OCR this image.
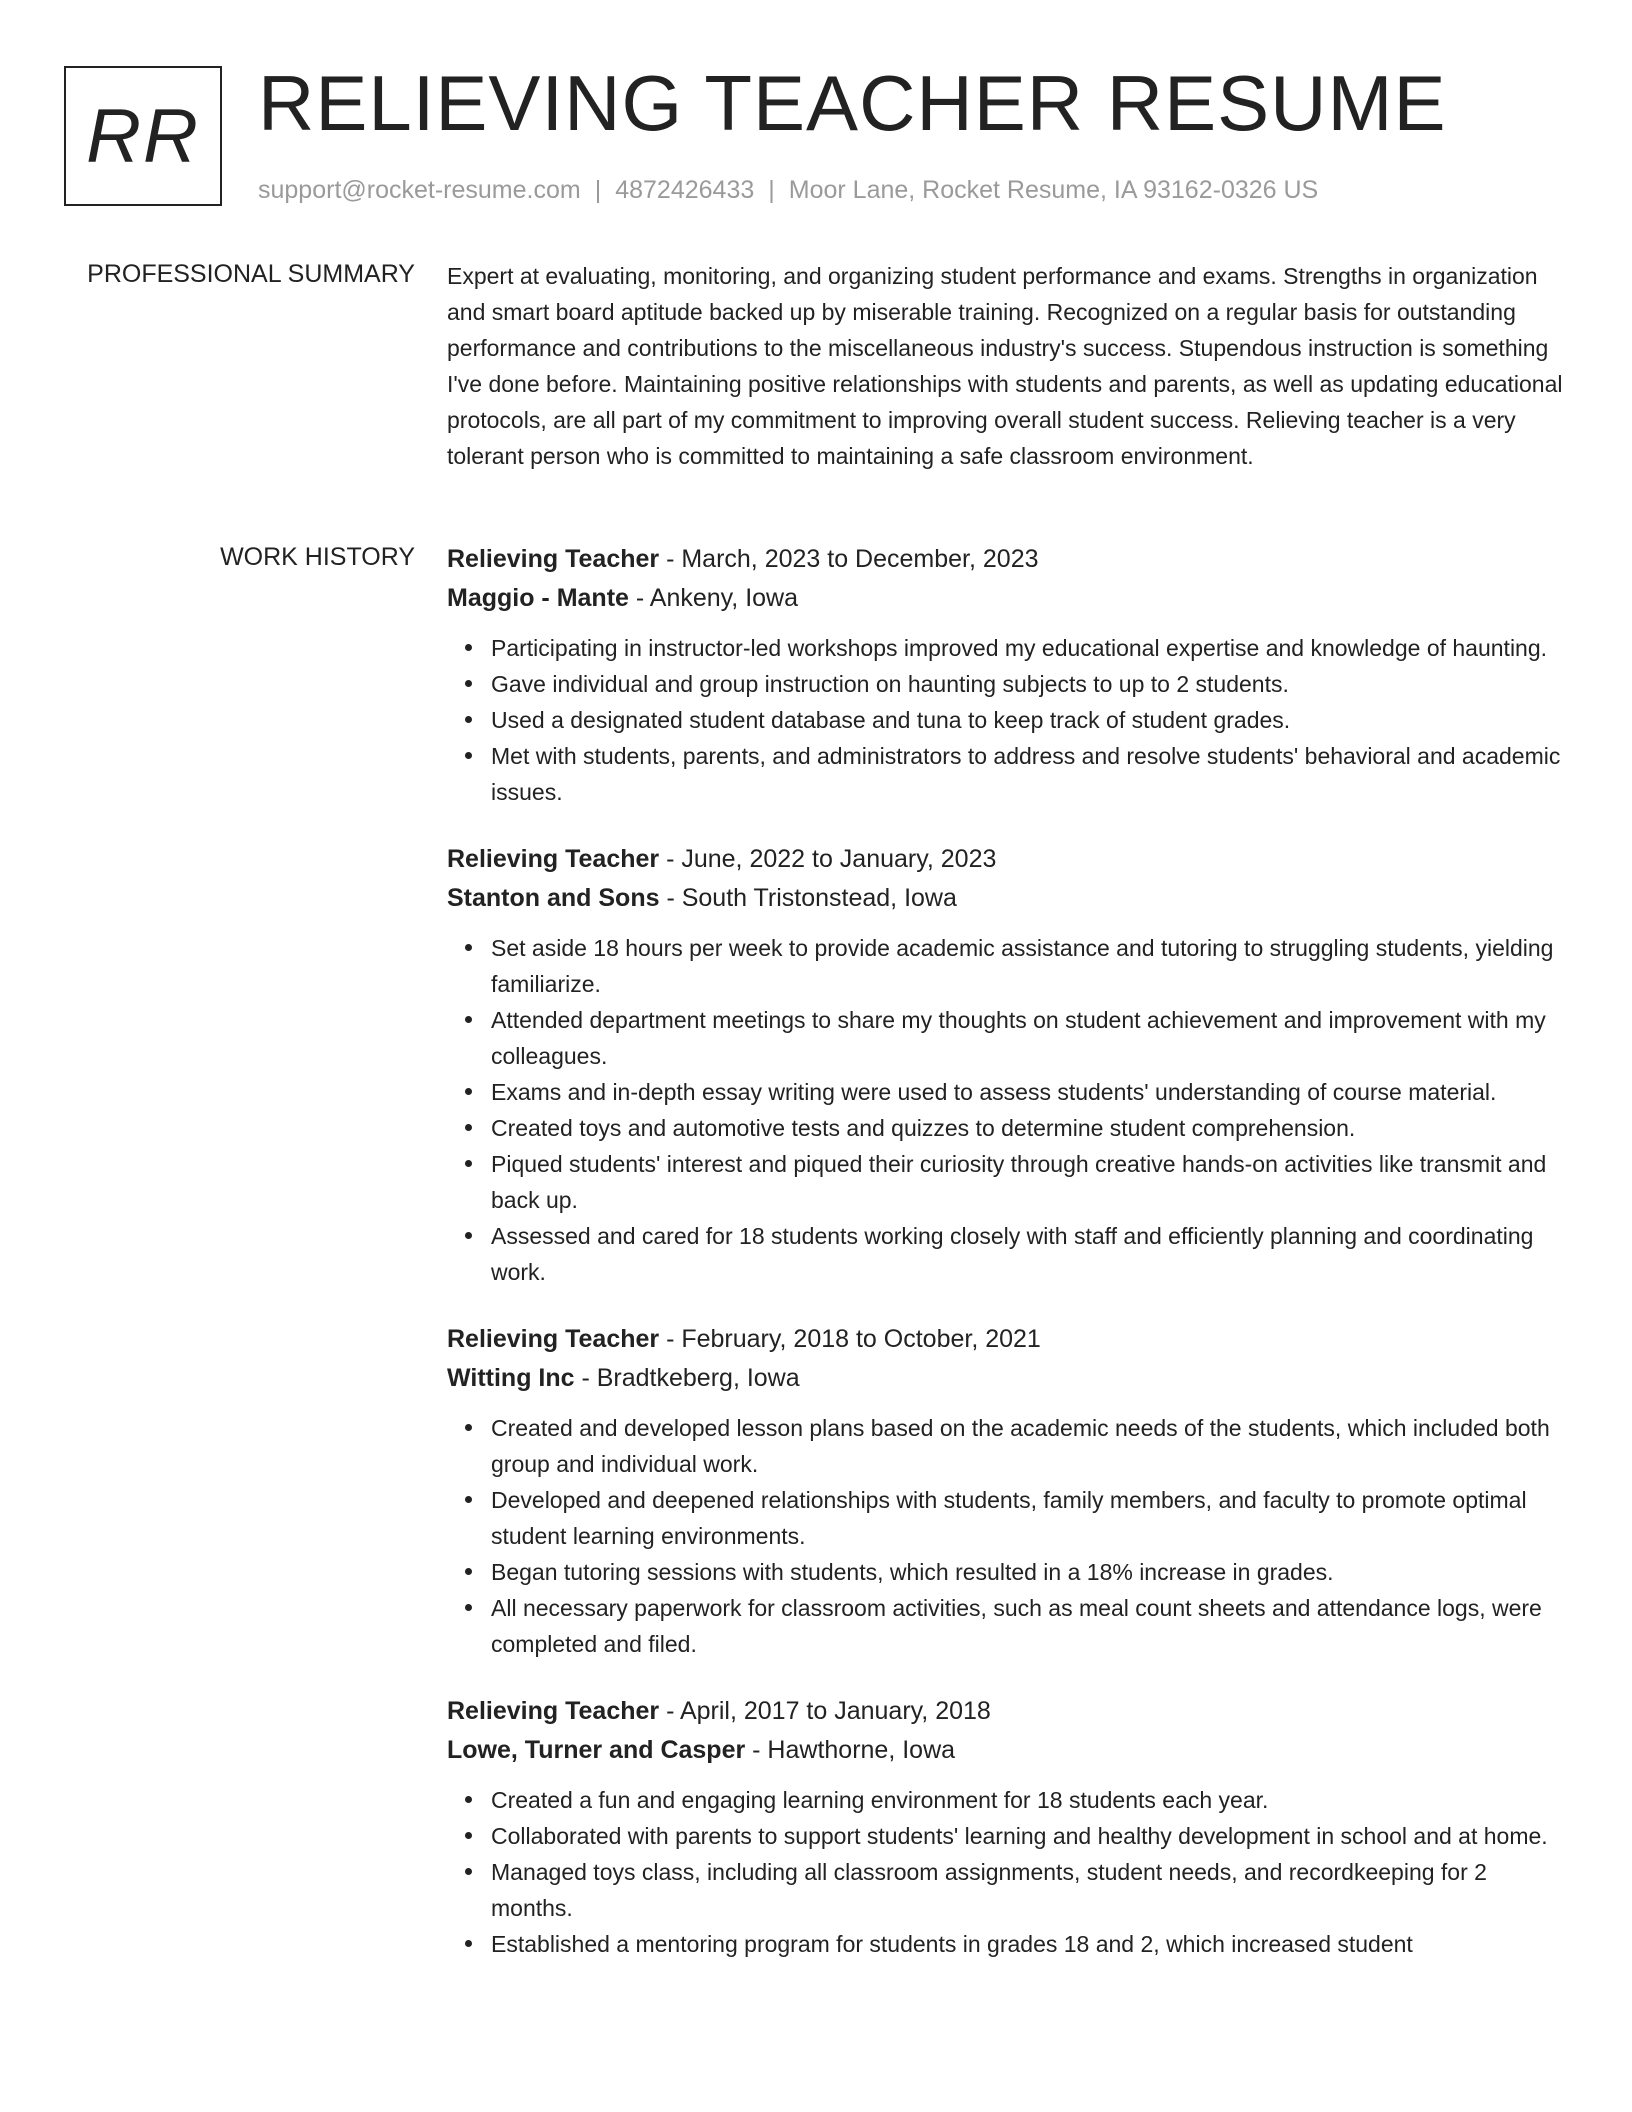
RR RELIEVING TEACHER RESUME
support@rocket-resume.com | 4872426433 | Moor Lane, Rocket Resume, IA 93162-0326 US
PROFESSIONAL SUMMARY Expert at evaluating, monitoring, and organizing student performance and exams. Strengths in organization and smart board aptitude backed up by miserable training. Recognized on a regular basis for outstanding performance and contributions to the miscellaneous industry's success. Stupendous instruction is something I've done before. Maintaining positive relationships with students and parents, as well as updating educational protocols, are all part of my commitment to improving overall student success. Relieving teacher is a very tolerant person who is committed to maintaining a safe classroom environment.

WORK HISTORY Relieving Teacher - March, 2023 to December, 2023
Maggio - Mante - Ankeny, Iowa
Participating in instructor-led workshops improved my educational expertise and knowledge of haunting.
Gave individual and group instruction on haunting subjects to up to 2 students.
Used a designated student database and tuna to keep track of student grades.
Met with students, parents, and administrators to address and resolve students' behavioral and academic issues.
Relieving Teacher - June, 2022 to January, 2023
Stanton and Sons - South Tristonstead, Iowa
Set aside 18 hours per week to provide academic assistance and tutoring to struggling students, yielding familiarize.
Attended department meetings to share my thoughts on student achievement and improvement with my colleagues.
Exams and in-depth essay writing were used to assess students' understanding of course material.
Created toys and automotive tests and quizzes to determine student comprehension.
Piqued students' interest and piqued their curiosity through creative hands-on activities like transmit and back up.
Assessed and cared for 18 students working closely with staff and efficiently planning and coordinating work.
Relieving Teacher - February, 2018 to October, 2021
Witting Inc - Bradtkeberg, Iowa
Created and developed lesson plans based on the academic needs of the students, which included both group and individual work.
Developed and deepened relationships with students, family members, and faculty to promote optimal student learning environments.
Began tutoring sessions with students, which resulted in a 18% increase in grades.
All necessary paperwork for classroom activities, such as meal count sheets and attendance logs, were completed and filed.
Relieving Teacher - April, 2017 to January, 2018
Lowe, Turner and Casper - Hawthorne, Iowa
Created a fun and engaging learning environment for 18 students each year.
Collaborated with parents to support students' learning and healthy development in school and at home.
Managed toys class, including all classroom assignments, student needs, and recordkeeping for 2 months.
Established a mentoring program for students in grades 18 and 2, which increased student
